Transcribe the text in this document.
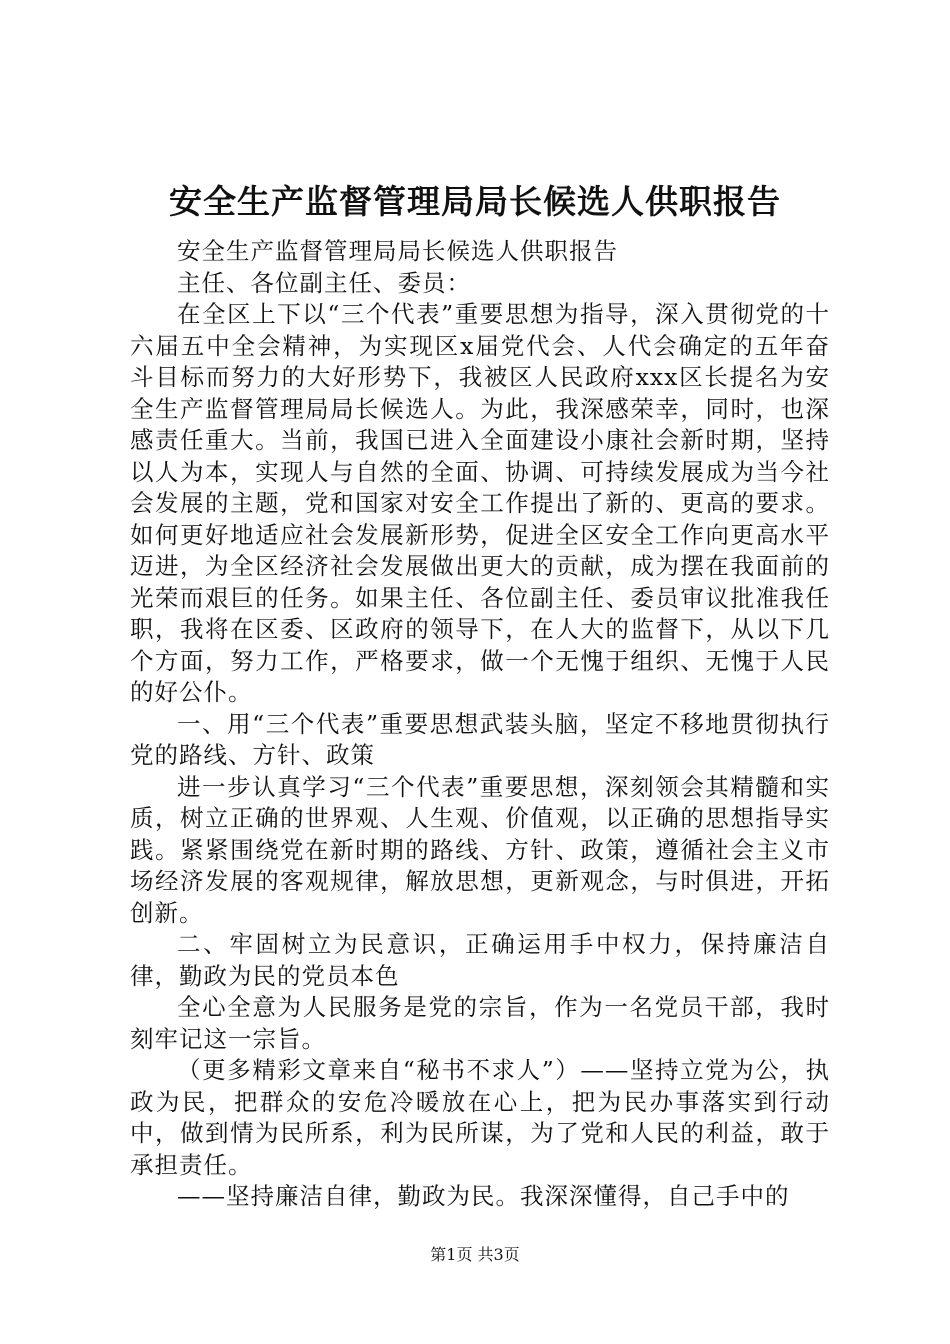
安全生产监督管理局局长候选人供职报告

安全生产监督管理局局长候选人供职报告

主任、各位副主任、委员：

在全区上下以“三个代表”重要思想为指导，深入贯彻党的十六届五中全会精神，为实现区x届党代会、人代会确定的五年奋斗目标而努力的大好形势下，我被区人民政府xxx区长提名为安全生产监督管理局局长候选人。为此，我深感荣幸，同时，也深感责任重大。当前，我国已进入全面建设小康社会新时期，坚持以人为本，实现人与自然的全面、协调、可持续发展成为当今社会发展的主题，党和国家对安全工作提出了新的、更高的要求。如何更好地适应社会发展新形势，促进全区安全工作向更高水平迈进，为全区经济社会发展做出更大的贡献，成为摆在我面前的光荣而艰巨的任务。如果主任、各位副主任、委员审议批准我任职，我将在区委、区政府的领导下，在人大的监督下，从以下几个方面，努力工作，严格要求，做一个无愧于组织、无愧于人民的好公仆。

一、用“三个代表”重要思想武装头脑，坚定不移地贯彻执行党的路线、方针、政策

进一步认真学习“三个代表”重要思想，深刻领会其精髓和实质，树立正确的世界观、人生观、价值观，以正确的思想指导实践。紧紧围绕党在新时期的路线、方针、政策，遵循社会主义市场经济发展的客观规律，解放思想，更新观念，与时俱进，开拓创新。

二、牢固树立为民意识，正确运用手中权力，保持廉洁自律，勤政为民的党员本色

全心全意为人民服务是党的宗旨，作为一名党员干部，我时刻牢记这一宗旨。

（更多精彩文章来自“秘书不求人”）——坚持立党为公，执政为民，把群众的安危冷暖放在心上，把为民办事落实到行动中，做到情为民所系，利为民所谋，为了党和人民的利益，敢于承担责任。

——坚持廉洁自律，勤政为民。我深深懂得，自己手中的

第1页 共3页
